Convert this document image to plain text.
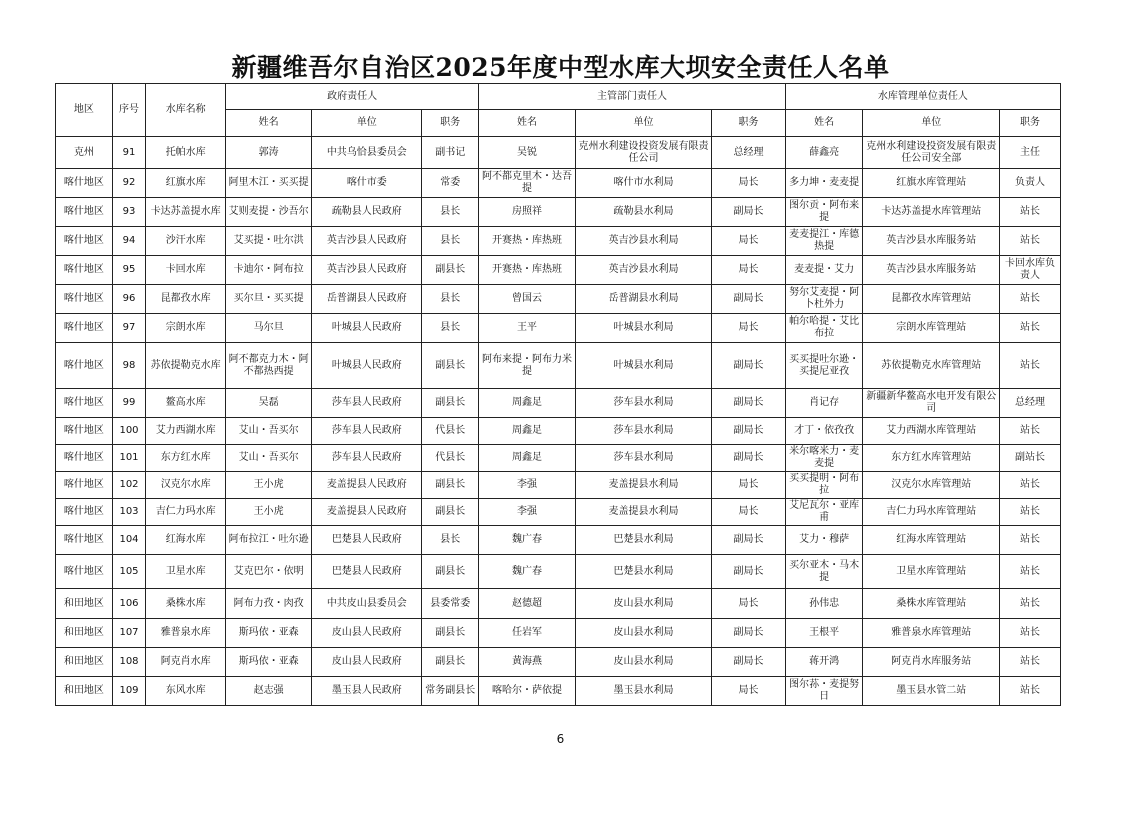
新疆维吾尔自治区2025年度中型水库大坝安全责任人名单
地区	序号	水库名称	政府责任人			主管部门责任人			水库管理单位责任人		
			姓名	单位	职务	姓名	单位	职务	姓名	单位	职务
克州	91	托帕水库	郭涛	中共乌恰县委员会	副书记	吴锐	克州水利建设投资发展有限责任公司	总经理	薛鑫亮	克州水利建设投资发展有限责任公司安全部	主任
喀什地区	92	红旗水库	阿里木江・买买提	喀什市委	常委	阿不都克里木・达吾提	喀什市水利局	局长	多力坤・麦麦提	红旗水库管理站	负责人
喀什地区	93	卡达苏盖提水库	艾则麦提・沙吾尔	疏勒县人民政府	县长	房照祥	疏勒县水利局	副局长	图尔贡・阿布来提	卡达苏盖提水库管理站	站长
喀什地区	94	沙汗水库	艾买提・吐尔洪	英吉沙县人民政府	县长	开赛热・库热班	英吉沙县水利局	局长	麦麦提江・库德热提	英吉沙县水库服务站	站长
喀什地区	95	卡回水库	卡迪尔・阿布拉	英吉沙县人民政府	副县长	开赛热・库热班	英吉沙县水利局	局长	麦麦提・艾力	英吉沙县水库服务站	卡回水库负责人
喀什地区	96	昆都孜水库	买尔旦・买买提	岳普湖县人民政府	县长	曾国云	岳普湖县水利局	副局长	努尔艾麦提・阿卜杜外力	昆都孜水库管理站	站长
喀什地区	97	宗朗水库	马尔旦	叶城县人民政府	县长	王平	叶城县水利局	局长	帕尔哈提・艾比布拉	宗朗水库管理站	站长
喀什地区	98	苏依提勒克水库	阿不都克力木・阿不都热西提	叶城县人民政府	副县长	阿布来提・阿布力米提	叶城县水利局	副局长	买买提吐尔逊・买提尼亚孜	苏依提勒克水库管理站	站长
喀什地区	99	鳌高水库	吴磊	莎车县人民政府	副县长	周鑫足	莎车县水利局	副局长	肖记存	新疆新华鳌高水电开发有限公司	总经理
喀什地区	100	艾力西湖水库	艾山・吾买尔	莎车县人民政府	代县长	周鑫足	莎车县水利局	副局长	才丁・依孜孜	艾力西湖水库管理站	站长
喀什地区	101	东方红水库	艾山・吾买尔	莎车县人民政府	代县长	周鑫足	莎车县水利局	副局长	米尔喀米力・麦麦提	东方红水库管理站	副站长
喀什地区	102	汉克尔水库	王小虎	麦盖提县人民政府	副县长	李强	麦盖提县水利局	局长	买买提明・阿布拉	汉克尔水库管理站	站长
喀什地区	103	吉仁力玛水库	王小虎	麦盖提县人民政府	副县长	李强	麦盖提县水利局	局长	艾尼瓦尔・亚库甫	吉仁力玛水库管理站	站长
喀什地区	104	红海水库	阿布拉江・吐尔逊	巴楚县人民政府	县长	魏广春	巴楚县水利局	副局长	艾力・穆萨	红海水库管理站	站长
喀什地区	105	卫星水库	艾克巴尔・依明	巴楚县人民政府	副县长	魏广春	巴楚县水利局	副局长	买尔亚木・马木提	卫星水库管理站	站长
和田地区	106	桑株水库	阿布力孜・肉孜	中共皮山县委员会	县委常委	赵德超	皮山县水利局	局长	孙伟忠	桑株水库管理站	站长
和田地区	107	雅普泉水库	斯玛依・亚森	皮山县人民政府	副县长	任岩军	皮山县水利局	副局长	王根平	雅普泉水库管理站	站长
和田地区	108	阿克肖水库	斯玛依・亚森	皮山县人民政府	副县长	黄海燕	皮山县水利局	副局长	蒋开鸿	阿克肖水库服务站	站长
和田地区	109	东风水库	赵志强	墨玉县人民政府	常务副县长	喀哈尔・萨依提	墨玉县水利局	局长	图尔荪・麦提努日	墨玉县水管二站	站长
6
